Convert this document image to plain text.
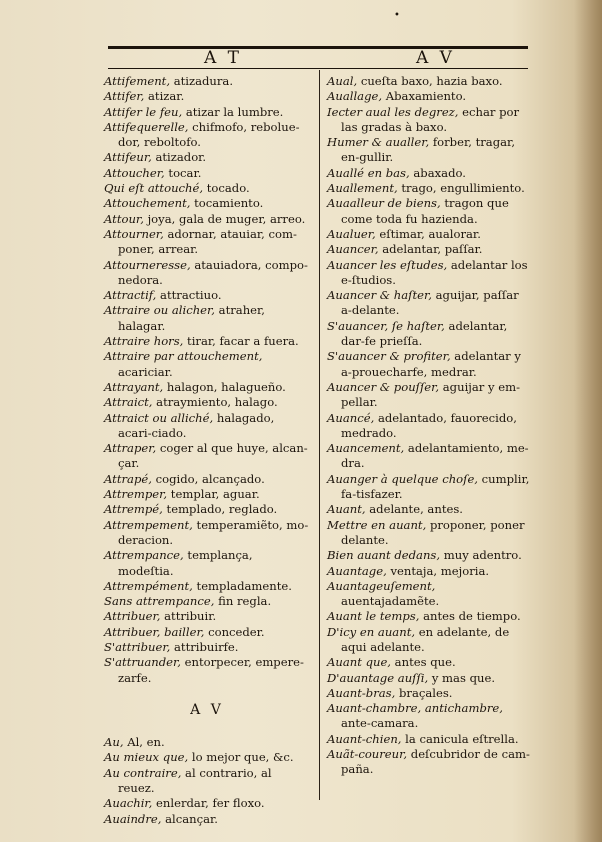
•
A T	A V
Attifement, atizadura.
Attifer, atizar.
Attifer le feu, atizar la lumbre.
Attifequerelle, chifmofo, rebolue-dor, reboltofo.
Attifeur, atizador.
Attoucher, tocar.
Qui eſt attouché, tocado.
Attouchement, tocamiento.
Attour, joya, gala de muger, arreo.
Attourner, adornar, atauiar, com-poner, arrear.
Attourneresse, atauiadora, compo-nedora.
Attractif, attractiuo.
Attraire ou alicher, atraher, halagar.
Attraire hors, tirar, facar a fuera.
Attraire par attouchement, acariciar.
Attrayant, halagon, halagueño.
Attraict, atraymiento, halago.
Attraict ou alliché, halagado, acari-ciado.
Attraper, coger al que huye, alcan-çar.
Attrapé, cogido, alcançado.
Attremper, templar, aguar.
Attrempé, templado, reglado.
Attrempement, temperamiẽto, mo-deracion.
Attrempance, templança, modeſtia.
Attrempément, templadamente.
Sans attrempance, fin regla.
Attribuer, attribuir.
Attribuer, bailler, conceder.
S'attribuer, attribuirfe.
S'attruander, entorpecer, empere-zarfe.
A V
Au, Al, en.
Au mieux que, lo mejor que, &c.
Au contraire, al contrario, al reuez.
Auachir, enlerdar, fer floxo.
Auaindre, alcançar.
Aual, cueſta baxo, hazia baxo.
Auallage, Abaxamiento.
Iecter aual les degrez, echar por las gradas à baxo.
Humer & aualler, forber, tragar, en-gullir.
Auallé en bas, abaxado.
Auallement, trago, engullimiento.
Auaalleur de biens, tragon que come toda fu hazienda.
Aualuer, eſtimar, aualorar.
Auancer, adelantar, paſſar.
Auancer les eſtudes, adelantar los e-ſtudios.
Auancer & haſter, aguijar, paſſar a-delante.
S'auancer, ſe haſter, adelantar, dar-fe prieſſa.
S'auancer & profiter, adelantar y a-prouecharfe, medrar.
Auancer & pouſſer, aguijar y em-pellar.
Auancé, adelantado, fauorecido, medrado.
Auancement, adelantamiento, me-dra.
Auanger à quelque choſe, cumplir, fa-tisfazer.
Auant, adelante, antes.
Mettre en auant, proponer, poner delante.
Bien auant dedans, muy adentro.
Auantage, ventaja, mejoria.
Auantageuſement, auentajadamẽte.
Auant le temps, antes de tiempo.
D'icy en auant, en adelante, de aqui adelante.
Auant que, antes que.
D'auantage auſſi, y mas que.
Auant-bras, braçales.
Auant-chambre, antichambre, ante-camara.
Auant-chien, la canicula eſtrella.
Auãt-coureur, deſcubridor de cam-paña.
